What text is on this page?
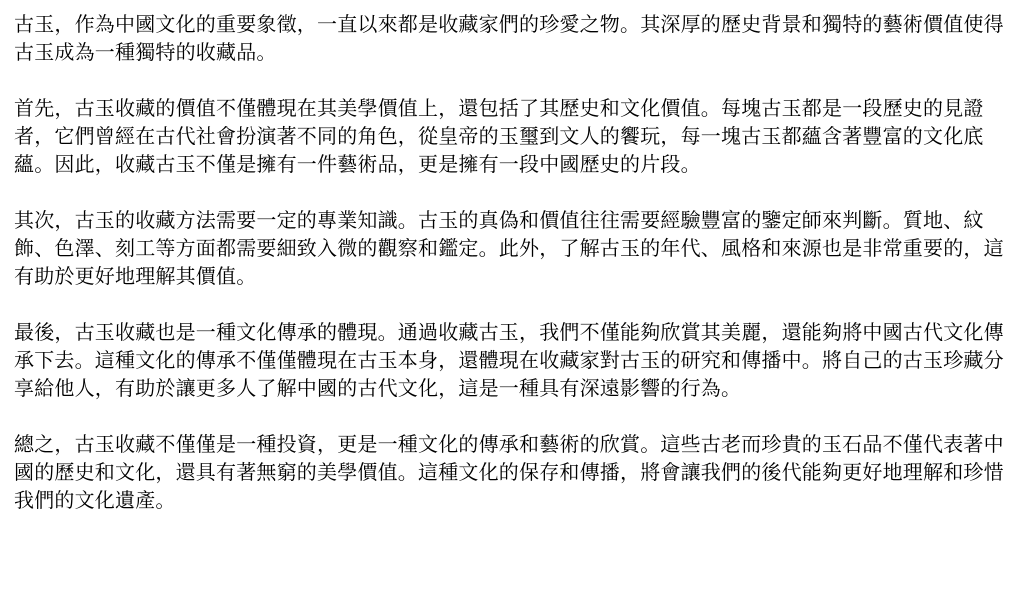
古玉，作為中國文化的重要象徵，一直以來都是收藏家們的珍愛之物。其深厚的歷史背景和獨特的藝術價值使得古玉成為一種獨特的收藏品。

首先，古玉收藏的價值不僅體現在其美學價值上，還包括了其歷史和文化價值。每塊古玉都是一段歷史的見證者，它們曾經在古代社會扮演著不同的角色，從皇帝的玉璽到文人的饗玩，每一塊古玉都蘊含著豐富的文化底蘊。因此，收藏古玉不僅是擁有一件藝術品，更是擁有一段中國歷史的片段。

其次，古玉的收藏方法需要一定的專業知識。古玉的真偽和價值往往需要經驗豐富的鑒定師來判斷。質地、紋飾、色澤、刻工等方面都需要細致入微的觀察和鑑定。此外，了解古玉的年代、風格和來源也是非常重要的，這有助於更好地理解其價值。

最後，古玉收藏也是一種文化傳承的體現。通過收藏古玉，我們不僅能夠欣賞其美麗，還能夠將中國古代文化傳承下去。這種文化的傳承不僅僅體現在古玉本身，還體現在收藏家對古玉的研究和傳播中。將自己的古玉珍藏分享給他人，有助於讓更多人了解中國的古代文化，這是一種具有深遠影響的行為。

總之，古玉收藏不僅僅是一種投資，更是一種文化的傳承和藝術的欣賞。這些古老而珍貴的玉石品不僅代表著中國的歷史和文化，還具有著無窮的美學價值。這種文化的保存和傳播，將會讓我們的後代能夠更好地理解和珍惜我們的文化遺產。
